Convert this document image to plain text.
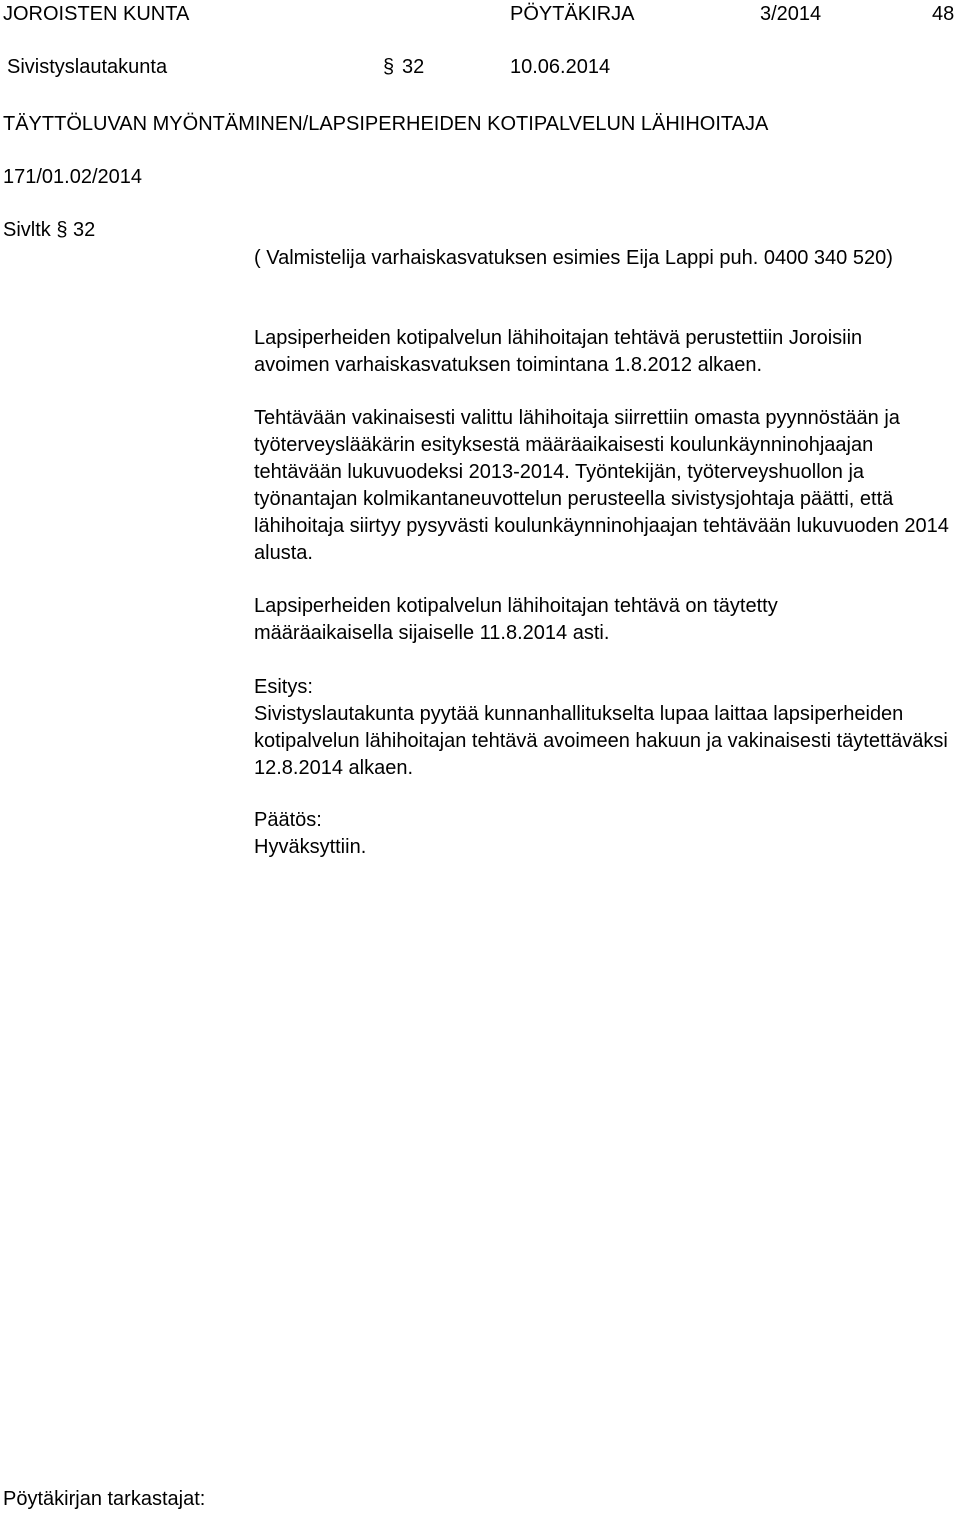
JOROISTEN KUNTA	PÖYTÄKIRJA	3/2014	48
Sivistyslautakunta	§ 32	10.06.2014
TÄYTTÖLUVAN MYÖNTÄMINEN/LAPSIPERHEIDEN KOTIPALVELUN LÄHIHOITAJA
171/01.02/2014
Sivltk § 32
( Valmistelija varhaiskasvatuksen esimies Eija Lappi puh. 0400 340 520)
Lapsiperheiden kotipalvelun lähihoitajan tehtävä perustettiin Joroisiin avoimen varhaiskasvatuksen toimintana 1.8.2012 alkaen.
Tehtävään vakinaisesti valittu lähihoitaja siirrettiin omasta pyynnöstään ja työterveyslääkärin esityksestä määräaikaisesti koulunkäynninohjaajan tehtävään lukuvuodeksi 2013-2014. Työntekijän, työterveyshuollon ja työnantajan kolmikantaneuvottelun perusteella sivistysjohtaja päätti, että lähihoitaja siirtyy pysyvästi koulunkäynninohjaajan tehtävään lukuvuoden 2014 alusta.
Lapsiperheiden kotipalvelun lähihoitajan tehtävä on täytetty määräaikaisella sijaiselle 11.8.2014 asti.

Esitys:

Sivistyslautakunta pyytää kunnanhallitukselta lupaa laittaa lapsiperheiden kotipalvelun lähihoitajan tehtävä avoimeen hakuun ja vakinaisesti täytettäväksi 12.8.2014 alkaen.

Päätös:

Hyväksyttiin.

Pöytäkirjan tarkastajat:
